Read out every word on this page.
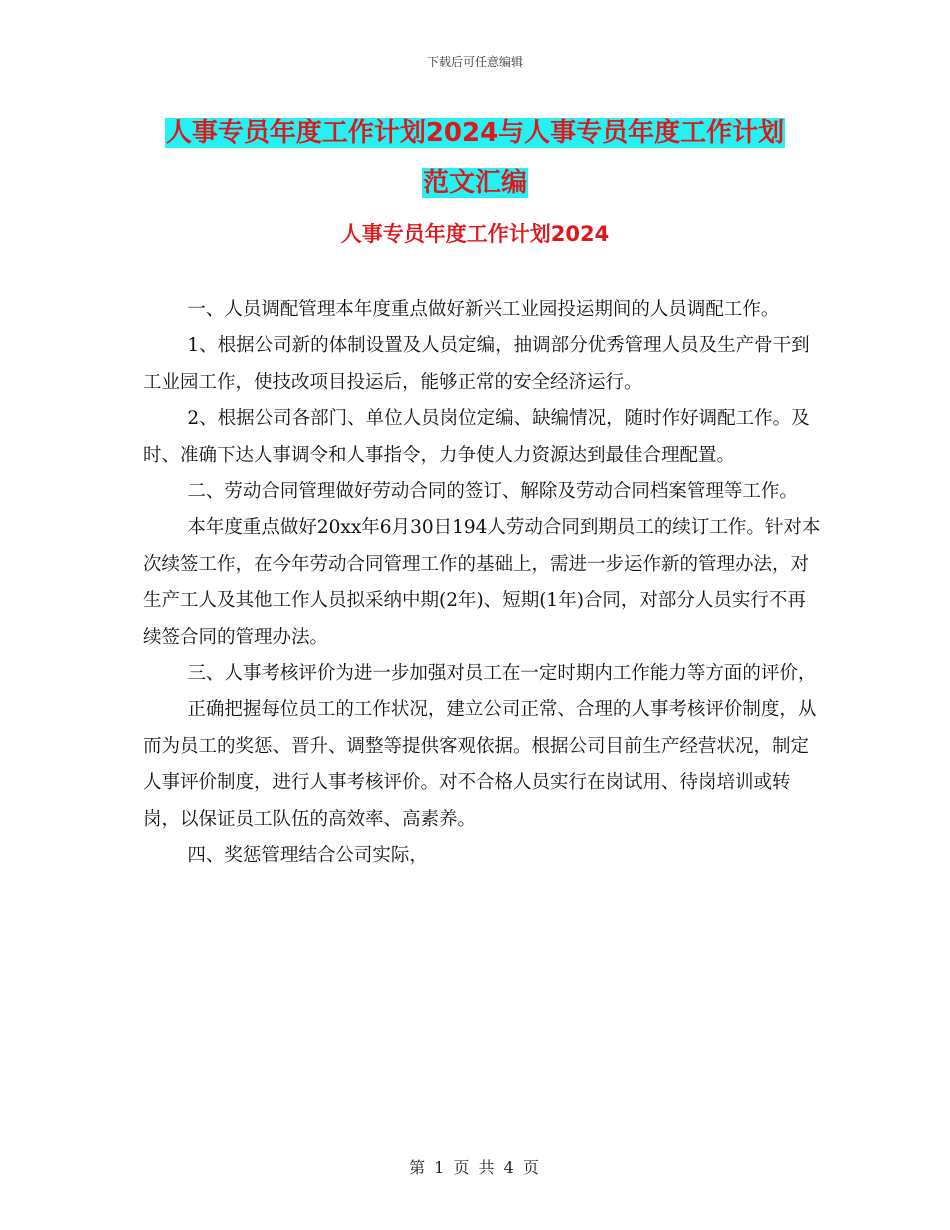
下载后可任意编辑
人事专员年度工作计划2024与人事专员年度工作计划
范文汇编
人事专员年度工作计划2024

一、人员调配管理本年度重点做好新兴工业园投运期间的人员调配工作。

1、根据公司新的体制设置及人员定编，抽调部分优秀管理人员及生产骨干到工业园工作，使技改项目投运后，能够正常的安全经济运行。

2、根据公司各部门、单位人员岗位定编、缺编情况，随时作好调配工作。及时、准确下达人事调令和人事指令，力争使人力资源达到最佳合理配置。

二、劳动合同管理做好劳动合同的签订、解除及劳动合同档案管理等工作。

本年度重点做好20xx年6月30日194人劳动合同到期员工的续订工作。针对本次续签工作，在今年劳动合同管理工作的基础上，需进一步运作新的管理办法，对生产工人及其他工作人员拟采纳中期(2年)、短期(1年)合同，对部分人员实行不再续签合同的管理办法。

三、人事考核评价为进一步加强对员工在一定时期内工作能力等方面的评价，

正确把握每位员工的工作状况，建立公司正常、合理的人事考核评价制度，从而为员工的奖惩、晋升、调整等提供客观依据。根据公司目前生产经营状况，制定人事评价制度，进行人事考核评价。对不合格人员实行在岗试用、待岗培训或转岗，以保证员工队伍的高效率、高素养。

四、奖惩管理结合公司实际，

第 1 页 共 4 页
